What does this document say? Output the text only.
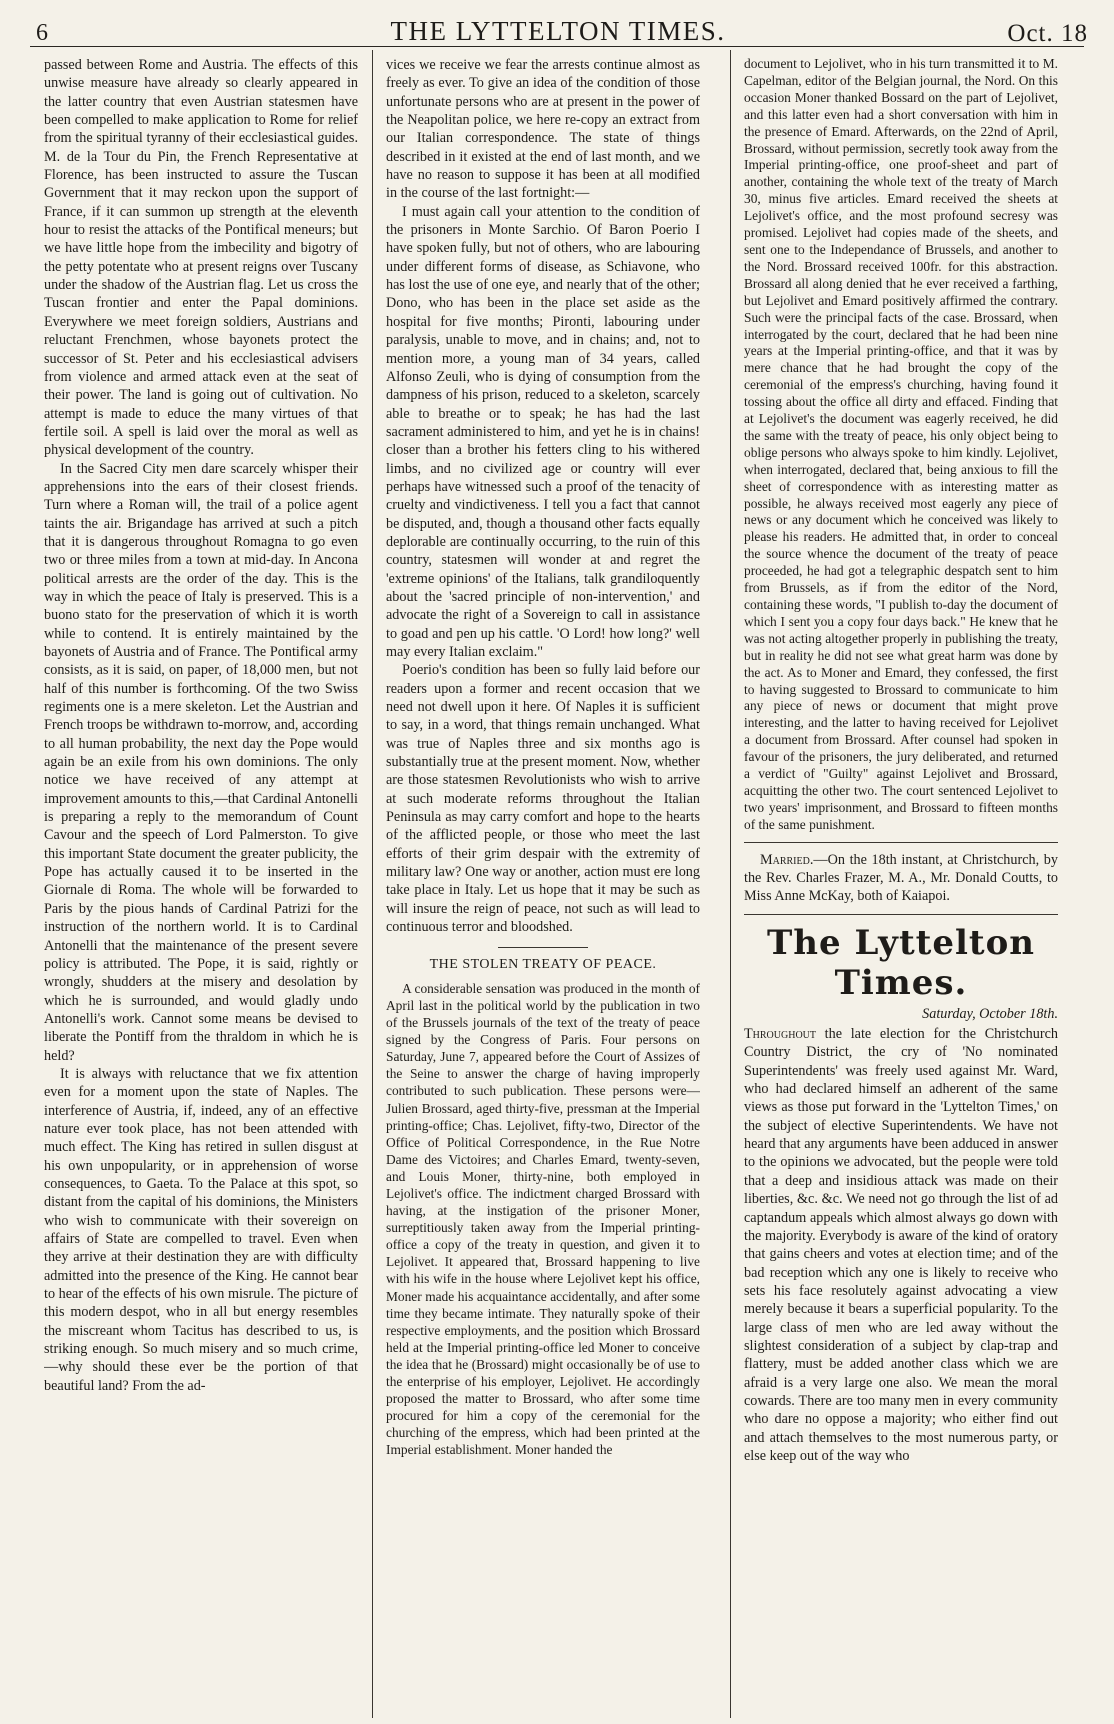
6	THE LYTTELTON TIMES.	Oct. 18

passed between Rome and Austria. The effects of this unwise measure have already so clearly appeared in the latter country that even Austrian statesmen have been compelled to make application to Rome for relief from the spiritual tyranny of their ecclesiastical guides. M. de la Tour du Pin, the French Representative at Florence, has been instructed to assure the Tuscan Government that it may reckon upon the support of France, if it can summon up strength at the eleventh hour to resist the attacks of the Pontifical meneurs; but we have little hope from the imbecility and bigotry of the petty potentate who at present reigns over Tuscany under the shadow of the Austrian flag. Let us cross the Tuscan frontier and enter the Papal dominions. Everywhere we meet foreign soldiers, Austrians and reluctant Frenchmen, whose bayonets protect the successor of St. Peter and his ecclesiastical advisers from violence and armed attack even at the seat of their power. The land is going out of cultivation. No attempt is made to educe the many virtues of that fertile soil. A spell is laid over the moral as well as physical development of the country.

In the Sacred City men dare scarcely whisper their apprehensions into the ears of their closest friends. Turn where a Roman will, the trail of a police agent taints the air. Brigandage has arrived at such a pitch that it is dangerous throughout Romagna to go even two or three miles from a town at mid-day. In Ancona political arrests are the order of the day. This is the way in which the peace of Italy is preserved. This is a buono stato for the preservation of which it is worth while to contend. It is entirely maintained by the bayonets of Austria and of France. The Pontifical army consists, as it is said, on paper, of 18,000 men, but not half of this number is forthcoming. Of the two Swiss regiments one is a mere skeleton. Let the Austrian and French troops be withdrawn to-morrow, and, according to all human probability, the next day the Pope would again be an exile from his own dominions. The only notice we have received of any attempt at improvement amounts to this,—that Cardinal Antonelli is preparing a reply to the memorandum of Count Cavour and the speech of Lord Palmerston. To give this important State document the greater publicity, the Pope has actually caused it to be inserted in the Giornale di Roma. The whole will be forwarded to Paris by the pious hands of Cardinal Patrizi for the instruction of the northern world. It is to Cardinal Antonelli that the maintenance of the present severe policy is attributed. The Pope, it is said, rightly or wrongly, shudders at the misery and desolation by which he is surrounded, and would gladly undo Antonelli's work. Cannot some means be devised to liberate the Pontiff from the thraldom in which he is held?

It is always with reluctance that we fix attention even for a moment upon the state of Naples. The interference of Austria, if, indeed, any of an effective nature ever took place, has not been attended with much effect. The King has retired in sullen disgust at his own unpopularity, or in apprehension of worse consequences, to Gaeta. To the Palace at this spot, so distant from the capital of his dominions, the Ministers who wish to communicate with their sovereign on affairs of State are compelled to travel. Even when they arrive at their destination they are with difficulty admitted into the presence of the King. He cannot bear to hear of the effects of his own misrule. The picture of this modern despot, who in all but energy resembles the miscreant whom Tacitus has described to us, is striking enough. So much misery and so much crime,—why should these ever be the portion of that beautiful land? From the ad-

vices we receive we fear the arrests continue almost as freely as ever. To give an idea of the condition of those unfortunate persons who are at present in the power of the Neapolitan police, we here re-copy an extract from our Italian correspondence. The state of things described in it existed at the end of last month, and we have no reason to suppose it has been at all modified in the course of the last fortnight:—

I must again call your attention to the condition of the prisoners in Monte Sarchio. Of Baron Poerio I have spoken fully, but not of others, who are labouring under different forms of disease, as Schiavone, who has lost the use of one eye, and nearly that of the other; Dono, who has been in the place set aside as the hospital for five months; Pironti, labouring under paralysis, unable to move, and in chains; and, not to mention more, a young man of 34 years, called Alfonso Zeuli, who is dying of consumption from the dampness of his prison, reduced to a skeleton, scarcely able to breathe or to speak; he has had the last sacrament administered to him, and yet he is in chains! closer than a brother his fetters cling to his withered limbs, and no civilized age or country will ever perhaps have witnessed such a proof of the tenacity of cruelty and vindictiveness. I tell you a fact that cannot be disputed, and, though a thousand other facts equally deplorable are continually occurring, to the ruin of this country, statesmen will wonder at and regret the 'extreme opinions' of the Italians, talk grandiloquently about the 'sacred principle of non-intervention,' and advocate the right of a Sovereign to call in assistance to goad and pen up his cattle. 'O Lord! how long?' well may every Italian exclaim."

Poerio's condition has been so fully laid before our readers upon a former and recent occasion that we need not dwell upon it here. Of Naples it is sufficient to say, in a word, that things remain unchanged. What was true of Naples three and six months ago is substantially true at the present moment. Now, whether are those statesmen Revolutionists who wish to arrive at such moderate reforms throughout the Italian Peninsula as may carry comfort and hope to the hearts of the afflicted people, or those who meet the last efforts of their grim despair with the extremity of military law? One way or another, action must ere long take place in Italy. Let us hope that it may be such as will insure the reign of peace, not such as will lead to continuous terror and bloodshed.

THE STOLEN TREATY OF PEACE.

A considerable sensation was produced in the month of April last in the political world by the publication in two of the Brussels journals of the text of the treaty of peace signed by the Congress of Paris. Four persons on Saturday, June 7, appeared before the Court of Assizes of the Seine to answer the charge of having improperly contributed to such publication. These persons were—Julien Brossard, aged thirty-five, pressman at the Imperial printing-office; Chas. Lejolivet, fifty-two, Director of the Office of Political Correspondence, in the Rue Notre Dame des Victoires; and Charles Emard, twenty-seven, and Louis Moner, thirty-nine, both employed in Lejolivet's office. The indictment charged Brossard with having, at the instigation of the prisoner Moner, surreptitiously taken away from the Imperial printing-office a copy of the treaty in question, and given it to Lejolivet. It appeared that, Brossard happening to live with his wife in the house where Lejolivet kept his office, Moner made his acquaintance accidentally, and after some time they became intimate. They naturally spoke of their respective employments, and the position which Brossard held at the Imperial printing-office led Moner to conceive the idea that he (Brossard) might occasionally be of use to the enterprise of his employer, Lejolivet. He accordingly proposed the matter to Brossard, who after some time procured for him a copy of the ceremonial for the churching of the empress, which had been printed at the Imperial establishment. Moner handed the

document to Lejolivet, who in his turn transmitted it to M. Capelman, editor of the Belgian journal, the Nord. On this occasion Moner thanked Bossard on the part of Lejolivet, and this latter even had a short conversation with him in the presence of Emard. Afterwards, on the 22nd of April, Brossard, without permission, secretly took away from the Imperial printing-office, one proof-sheet and part of another, containing the whole text of the treaty of March 30, minus five articles. Emard received the sheets at Lejolivet's office, and the most profound secresy was promised. Lejolivet had copies made of the sheets, and sent one to the Independance of Brussels, and another to the Nord. Brossard received 100fr. for this abstraction. Brossard all along denied that he ever received a farthing, but Lejolivet and Emard positively affirmed the contrary. Such were the principal facts of the case. Brossard, when interrogated by the court, declared that he had been nine years at the Imperial printing-office, and that it was by mere chance that he had brought the copy of the ceremonial of the empress's churching, having found it tossing about the office all dirty and effaced. Finding that at Lejolivet's the document was eagerly received, he did the same with the treaty of peace, his only object being to oblige persons who always spoke to him kindly. Lejolivet, when interrogated, declared that, being anxious to fill the sheet of correspondence with as interesting matter as possible, he always received most eagerly any piece of news or any document which he conceived was likely to please his readers. He admitted that, in order to conceal the source whence the document of the treaty of peace proceeded, he had got a telegraphic despatch sent to him from Brussels, as if from the editor of the Nord, containing these words, "I publish to-day the document of which I sent you a copy four days back." He knew that he was not acting altogether properly in publishing the treaty, but in reality he did not see what great harm was done by the act. As to Moner and Emard, they confessed, the first to having suggested to Brossard to communicate to him any piece of news or document that might prove interesting, and the latter to having received for Lejolivet a document from Brossard. After counsel had spoken in favour of the prisoners, the jury deliberated, and returned a verdict of "Guilty" against Lejolivet and Brossard, acquitting the other two. The court sentenced Lejolivet to two years' imprisonment, and Brossard to fifteen months of the same punishment.

Married.—On the 18th instant, at Christchurch, by the Rev. Charles Frazer, M. A., Mr. Donald Coutts, to Miss Anne McKay, both of Kaiapoi.

The Lyttelton Times.
Saturday, October 18th.

Throughout the late election for the Christchurch Country District, the cry of 'No nominated Superintendents' was freely used against Mr. Ward, who had declared himself an adherent of the same views as those put forward in the 'Lyttelton Times,' on the subject of elective Superintendents. We have not heard that any arguments have been adduced in answer to the opinions we advocated, but the people were told that a deep and insidious attack was made on their liberties, &c. &c. We need not go through the list of ad captandum appeals which almost always go down with the majority. Everybody is aware of the kind of oratory that gains cheers and votes at election time; and of the bad reception which any one is likely to receive who sets his face resolutely against advocating a view merely because it bears a superficial popularity. To the large class of men who are led away without the slightest consideration of a subject by clap-trap and flattery, must be added another class which we are afraid is a very large one also. We mean the moral cowards. There are too many men in every community who dare no oppose a majority; who either find out and attach themselves to the most numerous party, or else keep out of the way who
